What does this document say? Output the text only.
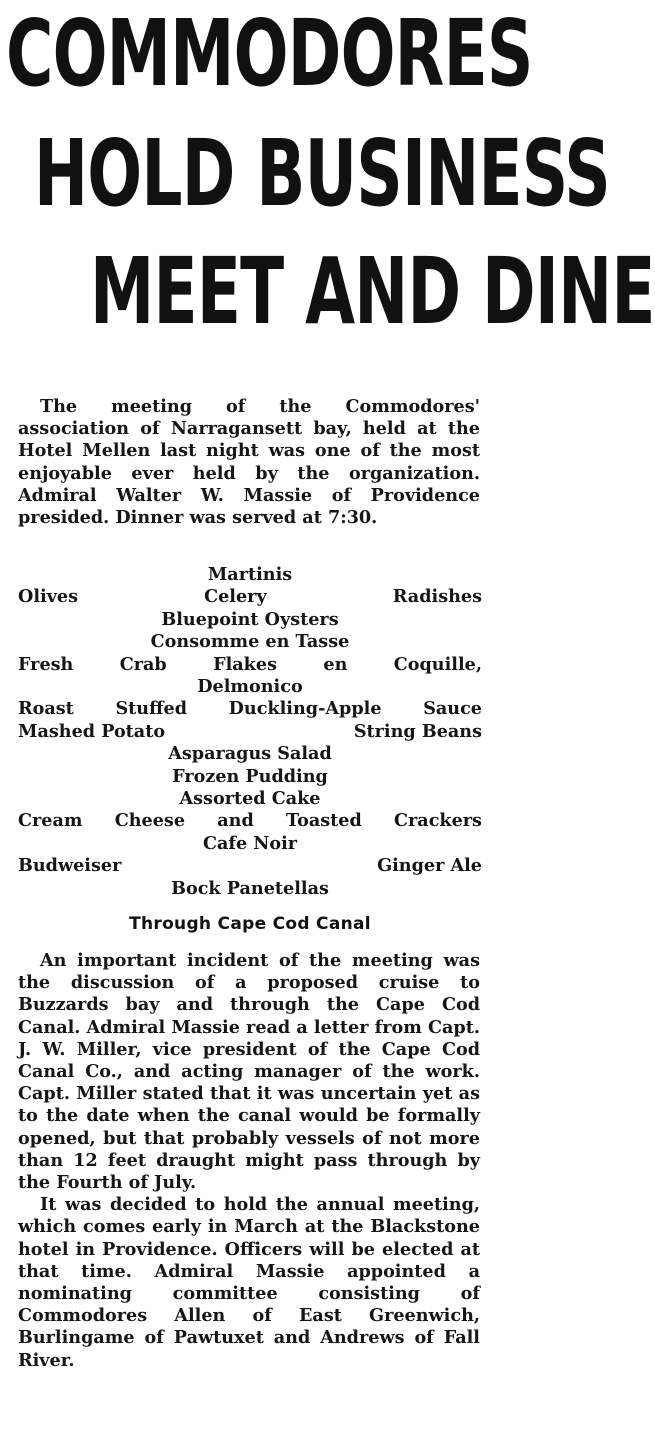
COMMODORES
HOLD BUSINESS
MEET AND DINE

The meeting of the Commodores' association of Narragansett bay, held at the Hotel Mellen last night was one of the most enjoyable ever held by the organization. Admiral Walter W. Massie of Providence presided. Dinner was served at 7:30.

Martinis
Olives	Celery	Radishes
Bluepoint Oysters
Consomme en Tasse
Fresh	Crab	Flakes	en	Coquille,
Delmonico
Roast Stuffed Duckling-Apple Sauce
Mashed Potato	String Beans
Asparagus Salad
Frozen Pudding
Assorted Cake
Cream Cheese and Toasted Crackers
Cafe Noir
Budweiser	Ginger Ale
Bock Panetellas
Through Cape Cod Canal

An important incident of the meeting was the discussion of a proposed cruise to Buzzards bay and through the Cape Cod Canal. Admiral Massie read a letter from Capt. J. W. Miller, vice president of the Cape Cod Canal Co., and acting manager of the work. Capt. Miller stated that it was uncertain yet as to the date when the canal would be formally opened, but that probably vessels of not more than 12 feet draught might pass through by the Fourth of July.

It was decided to hold the annual meeting, which comes early in March at the Blackstone hotel in Providence. Officers will be elected at that time. Admiral Massie appointed a nominating committee consisting of Commodores Allen of East Greenwich, Burlingame of Pawtuxet and Andrews of Fall River.
